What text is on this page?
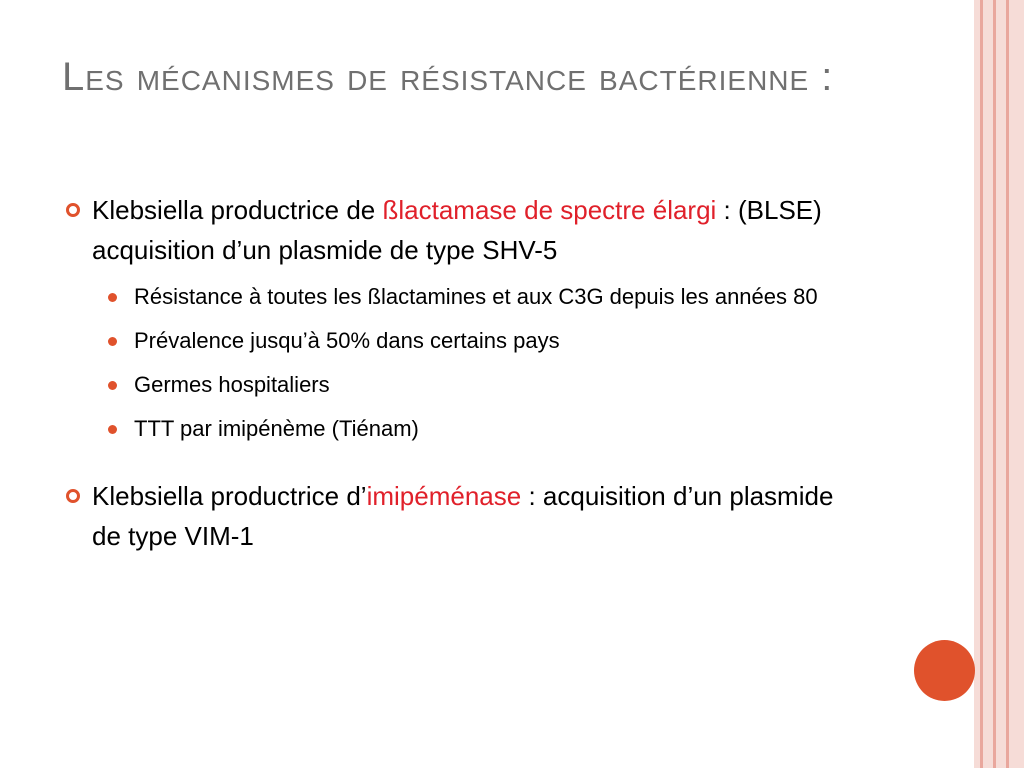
Les mécanismes de résistance bactérienne :
Klebsiella productrice de ßlactamase de spectre élargi : (BLSE) acquisition d’un plasmide de type SHV-5
Résistance à toutes les ßlactamines et aux C3G depuis les années 80
Prévalence jusqu’à 50% dans certains pays
Germes hospitaliers
TTT par imipénème (Tiénam)
Klebsiella productrice d’imipéménase : acquisition d’un plasmide de type VIM-1
